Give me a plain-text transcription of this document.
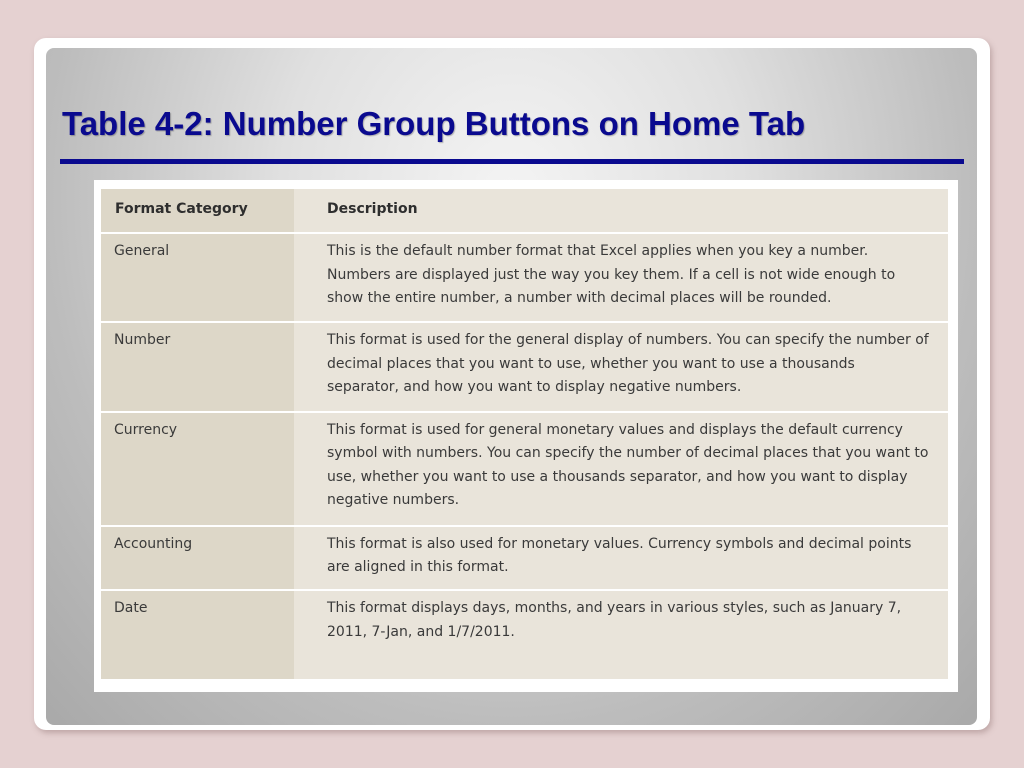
Table 4-2: Number Group Buttons on Home Tab
Format Category	Description
General	This is the default number format that Excel applies when you key a number. Numbers are displayed just the way you key them. If a cell is not wide enough to show the entire number, a number with decimal places will be rounded.
Number	This format is used for the general display of numbers. You can specify the number of decimal places that you want to use, whether you want to use a thousands separator, and how you want to display negative numbers.
Currency	This format is used for general monetary values and displays the default currency symbol with numbers. You can specify the number of decimal places that you want to use, whether you want to use a thousands separator, and how you want to display negative numbers.
Accounting	This format is also used for monetary values. Currency symbols and decimal points are aligned in this format.
Date	This format displays days, months, and years in various styles, such as January 7, 2011, 7-Jan, and 1/7/2011.
